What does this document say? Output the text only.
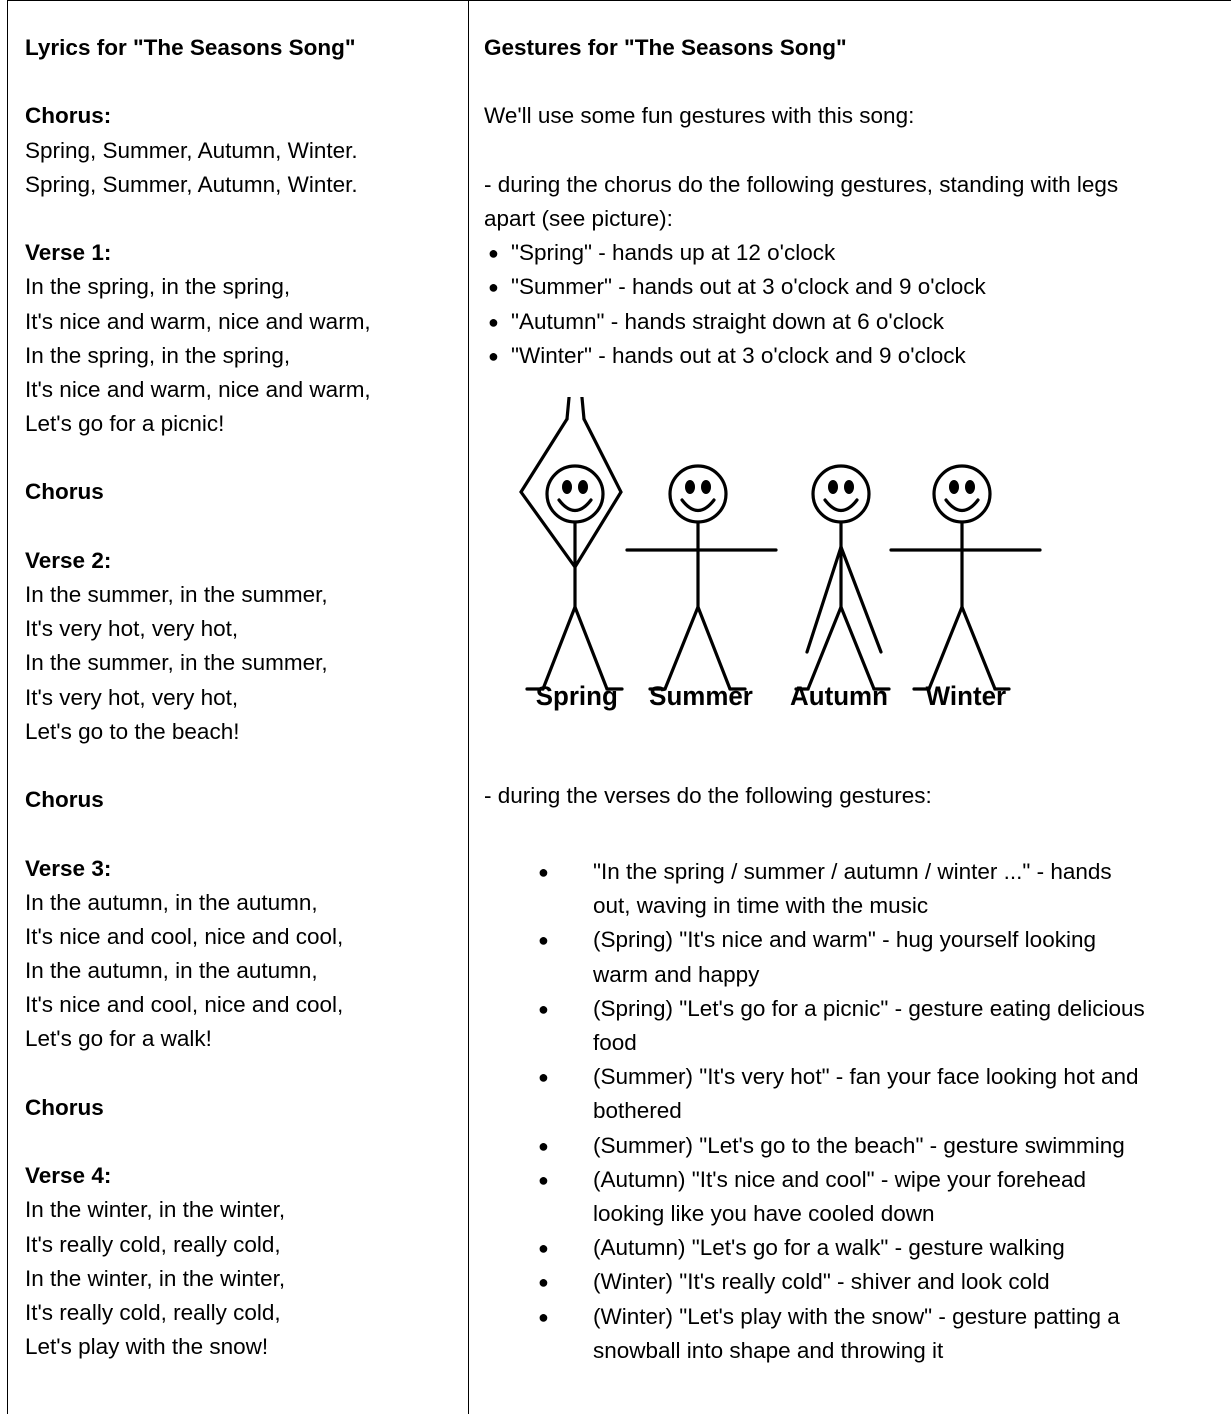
Lyrics for "The Seasons Song"
Chorus:
Spring, Summer, Autumn, Winter.
Spring, Summer, Autumn, Winter.
Verse 1:
In the spring, in the spring,
It's nice and warm, nice and warm,
In the spring, in the spring,
It's nice and warm, nice and warm,
Let's go for a picnic!
Chorus
Verse 2:
In the summer, in the summer,
It's very hot, very hot,
In the summer, in the summer,
It's very hot, very hot,
Let's go to the beach!
Chorus
Verse 3:
In the autumn, in the autumn,
It's nice and cool, nice and cool,
In the autumn, in the autumn,
It's nice and cool, nice and cool,
Let's go for a walk!
Chorus
Verse 4:
In the winter, in the winter,
It's really cold, really cold,
In the winter, in the winter,
It's really cold, really cold,
Let's play with the snow!
Gestures for "The Seasons Song"
We'll use some fun gestures with this song:
- during the chorus do the following gestures, standing with legs
apart (see picture):
● "Spring" - hands up at 12 o'clock
● "Summer" - hands out at 3 o'clock and 9 o'clock
● "Autumn" - hands straight down at 6 o'clock
● "Winter" - hands out at 3 o'clock and 9 o'clock
Spring Summer Autumn Winter
- during the verses do the following gestures:
● "In the spring / summer / autumn / winter ..." - hands
out, waving in time with the music
● (Spring) "It's nice and warm" - hug yourself looking
warm and happy
● (Spring) "Let's go for a picnic" - gesture eating delicious
food
● (Summer) "It's very hot" - fan your face looking hot and
bothered
● (Summer) "Let's go to the beach" - gesture swimming
● (Autumn) "It's nice and cool" - wipe your forehead
looking like you have cooled down
● (Autumn) "Let's go for a walk" - gesture walking
● (Winter) "It's really cold" - shiver and look cold
● (Winter) "Let's play with the snow" - gesture patting a
snowball into shape and throwing it
